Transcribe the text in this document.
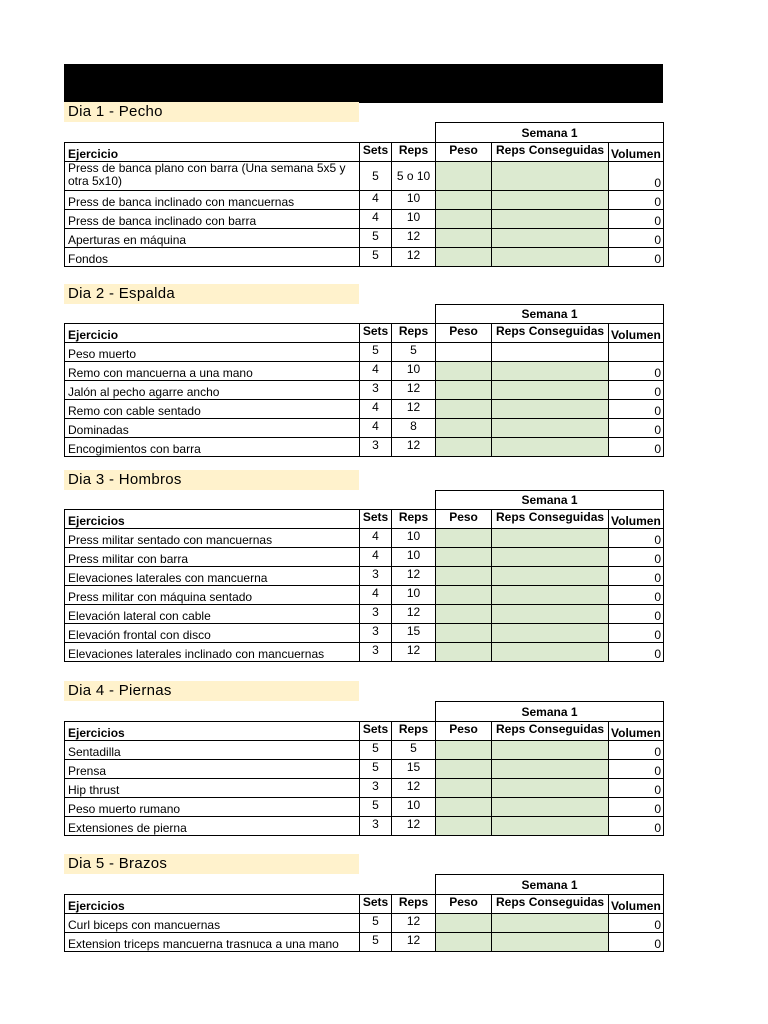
Dia 1 - Pecho
			Semana 1		
Ejercicio	Sets	Reps	Peso	Reps Conseguidas	Volumen
Press de banca plano con barra (Una semana 5x5 y otra 5x10)	5	5 o 10			0
Press de banca inclinado con mancuernas	4	10			0
Press de banca inclinado con barra	4	10			0
Aperturas en máquina	5	12			0
Fondos	5	12			0
Dia 2 - Espalda
			Semana 1		
Ejercicio	Sets	Reps	Peso	Reps Conseguidas	Volumen
Peso muerto	5	5			
Remo con mancuerna a una mano	4	10			0
Jalón al pecho agarre ancho	3	12			0
Remo con cable sentado	4	12			0
Dominadas	4	8			0
Encogimientos con barra	3	12			0
Dia 3 - Hombros
			Semana 1		
Ejercicios	Sets	Reps	Peso	Reps Conseguidas	Volumen
Press militar sentado con mancuernas	4	10			0
Press militar con barra	4	10			0
Elevaciones laterales con mancuerna	3	12			0
Press militar con máquina sentado	4	10			0
Elevación lateral con cable	3	12			0
Elevación frontal con disco	3	15			0
Elevaciones laterales inclinado con mancuernas	3	12			0
Dia 4 - Piernas
			Semana 1		
Ejercicios	Sets	Reps	Peso	Reps Conseguidas	Volumen
Sentadilla	5	5			0
Prensa	5	15			0
Hip thrust	3	12			0
Peso muerto rumano	5	10			0
Extensiones de pierna	3	12			0
Dia 5 - Brazos
			Semana 1		
Ejercicios	Sets	Reps	Peso	Reps Conseguidas	Volumen
Curl biceps con mancuernas	5	12			0
Extension triceps mancuerna trasnuca a una mano	5	12			0
